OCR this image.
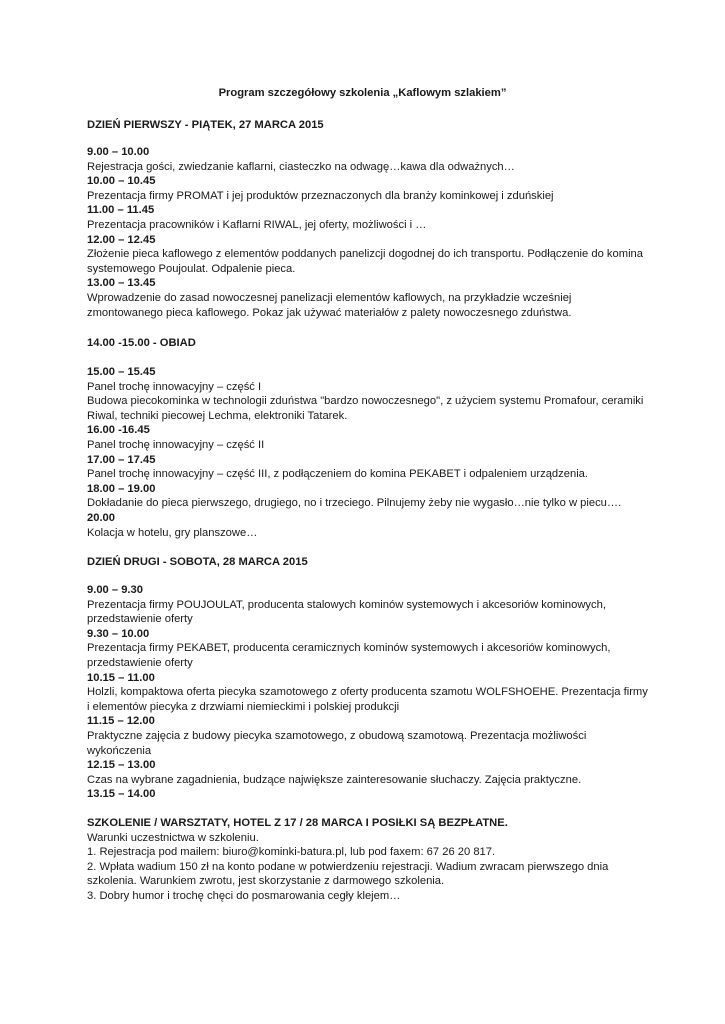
Program szczegółowy szkolenia „Kaflowym szlakiem”
DZIEŃ PIERWSZY - PIĄTEK, 27 MARCA 2015
9.00 – 10.00
Rejestracja gości, zwiedzanie kaflarni, ciasteczko na odwagę…kawa dla odważnych…
10.00 – 10.45
Prezentacja firmy PROMAT i jej produktów przeznaczonych dla branży kominkowej i zduńskiej
11.00 – 11.45
Prezentacja pracowników i Kaflarni RIWAL, jej oferty, możliwości i …
12.00 – 12.45
Złożenie pieca kaflowego z elementów poddanych panelizcji dogodnej do ich transportu. Podłączenie do komina systemowego Poujoulat. Odpalenie pieca.
13.00 – 13.45
Wprowadzenie do zasad nowoczesnej panelizacji elementów kaflowych, na przykładzie wcześniej zmontowanego pieca kaflowego. Pokaz jak używać materiałów z palety nowoczesnego zduństwa.
14.00 -15.00 - OBIAD
15.00 – 15.45
Panel trochę innowacyjny – część I
Budowa piecokominka w technologii zduństwa "bardzo nowoczesnego", z użyciem systemu Promafour, ceramiki Riwal, techniki piecowej Lechma, elektroniki Tatarek.
16.00 -16.45
Panel trochę innowacyjny – część II
17.00 – 17.45
Panel trochę innowacyjny – część III, z podłączeniem do komina PEKABET i odpaleniem urządzenia.
18.00 – 19.00
Dokładanie do pieca pierwszego, drugiego, no i trzeciego. Pilnujemy żeby nie wygasło…nie tylko w piecu….
20.00
Kolacja w hotelu, gry planszowe…
DZIEŃ DRUGI - SOBOTA, 28 MARCA 2015
9.00 – 9.30
Prezentacja firmy POUJOULAT, producenta stalowych kominów systemowych i akcesoriów kominowych, przedstawienie oferty
9.30 – 10.00
Prezentacja firmy PEKABET, producenta ceramicznych kominów systemowych i akcesoriów kominowych, przedstawienie oferty
10.15 – 11.00
Holzli, kompaktowa oferta piecyka szamotowego z oferty producenta szamotu WOLFSHOEHE. Prezentacja firmy i elementów piecyka z drzwiami niemieckimi i polskiej produkcji
11.15 – 12.00
Praktyczne zajęcia z budowy piecyka szamotowego, z obudową szamotową. Prezentacja możliwości wykończenia
12.15 – 13.00
Czas na wybrane zagadnienia, budzące największe zainteresowanie słuchaczy. Zajęcia praktyczne.
13.15 – 14.00
SZKOLENIE / WARSZTATY, HOTEL Z 17 / 28 MARCA I POSIŁKI SĄ BEZPŁATNE.
Warunki uczestnictwa w szkoleniu.
1. Rejestracja pod mailem: biuro@kominki-batura.pl, lub pod faxem: 67 26 20 817.
2. Wpłata wadium 150 zł na konto podane w potwierdzeniu rejestracji. Wadium zwracam pierwszego dnia szkolenia. Warunkiem zwrotu, jest skorzystanie z darmowego szkolenia.
3. Dobry humor i trochę chęci do posmarowania cegły klejem…
